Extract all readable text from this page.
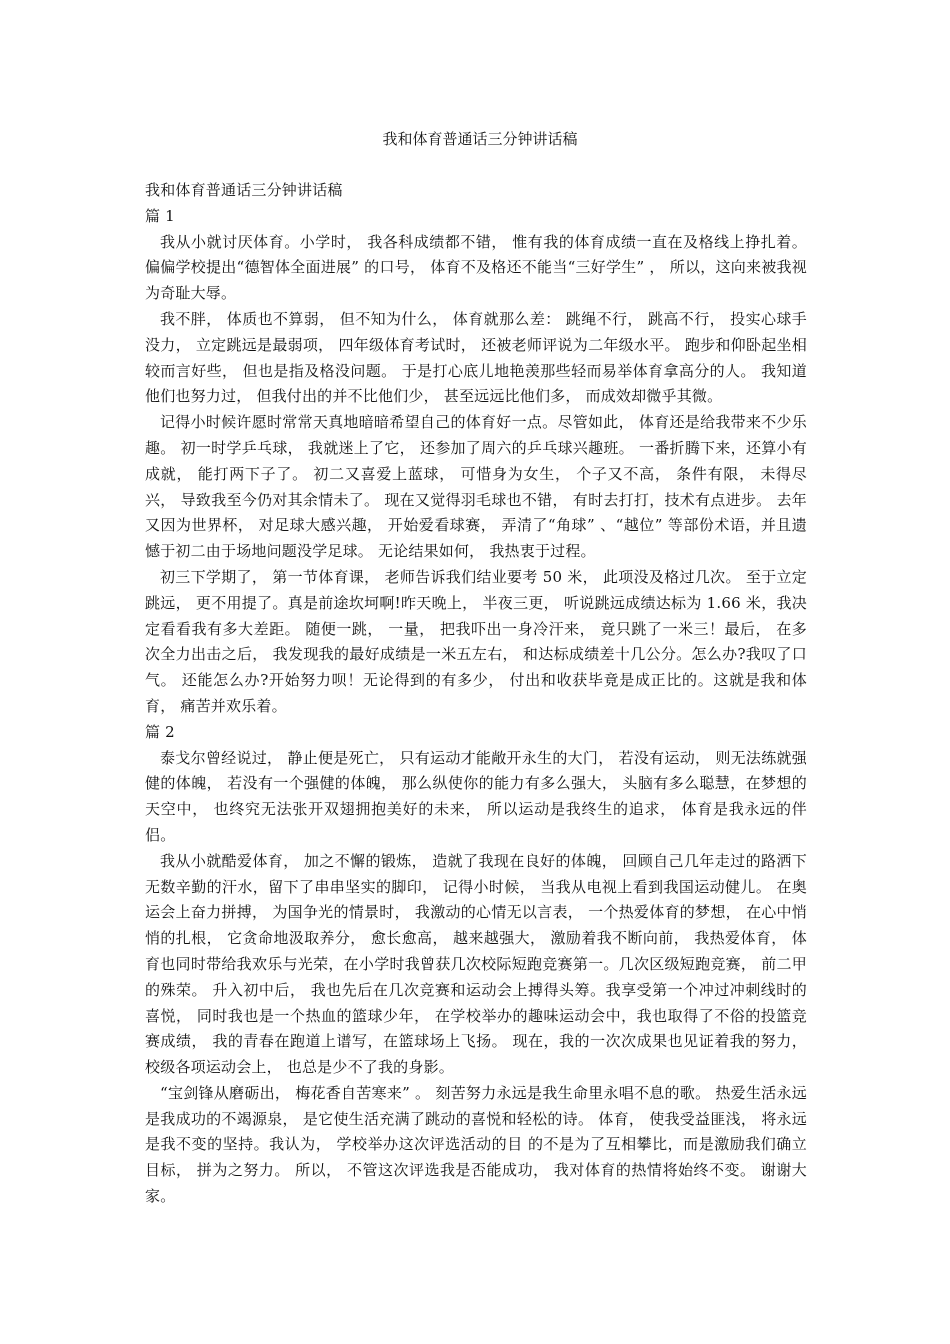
我和体育普通话三分钟讲话稿

我和体育普通话三分钟讲话稿

篇 1

我从小就讨厌体育。小学时， 我各科成绩都不错， 惟有我的体育成绩一直在及格线上挣扎着。 偏偏学校提出“德智体全面进展” 的口号， 体育不及格还不能当“三好学生” ， 所以，这向来被我视为奇耻大辱。

我不胖， 体质也不算弱， 但不知为什么， 体育就那么差： 跳绳不行， 跳高不行， 投实心球手没力， 立定跳远是最弱项， 四年级体育考试时， 还被老师评说为二年级水平。 跑步和仰卧起坐相较而言好些， 但也是指及格没问题。 于是打心底儿地艳羡那些轻而易举体育拿高分的人。 我知道他们也努力过， 但我付出的并不比他们少， 甚至远远比他们多， 而成效却微乎其微。

记得小时候许愿时常常天真地暗暗希望自己的体育好一点。尽管如此， 体育还是给我带来不少乐趣。 初一时学乒乓球， 我就迷上了它， 还参加了周六的乒乓球兴趣班。 一番折腾下来，还算小有成就， 能打两下子了。 初二又喜爱上蓝球， 可惜身为女生， 个子又不高， 条件有限， 未得尽兴， 导致我至今仍对其余情未了。 现在又觉得羽毛球也不错， 有时去打打，技术有点进步。 去年又因为世界杯， 对足球大感兴趣， 开始爱看球赛， 弄清了“角球” 、“越位” 等部份术语，并且遗憾于初二由于场地问题没学足球。 无论结果如何， 我热衷于过程。

初三下学期了， 第一节体育课， 老师告诉我们结业要考 50 米， 此项没及格过几次。 至于立定跳远， 更不用提了。真是前途坎坷啊!昨天晚上， 半夜三更， 听说跳远成绩达标为 1.66 米，我决定看看我有多大差距。 随便一跳， 一量， 把我吓出一身冷汗来， 竟只跳了一米三！最后， 在多次全力出击之后， 我发现我的最好成绩是一米五左右， 和达标成绩差十几公分。怎么办?我叹了口气。 还能怎么办?开始努力呗！无论得到的有多少， 付出和收获毕竟是成正比的。这就是我和体育， 痛苦并欢乐着。

篇 2

泰戈尔曾经说过， 静止便是死亡， 只有运动才能敞开永生的大门， 若没有运动， 则无法练就强健的体魄， 若没有一个强健的体魄， 那么纵使你的能力有多么强大， 头脑有多么聪慧，在梦想的天空中， 也终究无法张开双翅拥抱美好的未来， 所以运动是我终生的追求， 体育是我永远的伴侣。

我从小就酷爱体育， 加之不懈的锻炼， 造就了我现在良好的体魄， 回顾自己几年走过的路洒下无数辛勤的汗水，留下了串串坚实的脚印， 记得小时候， 当我从电视上看到我国运动健儿。 在奥运会上奋力拼搏， 为国争光的情景时， 我激动的心情无以言表， 一个热爱体育的梦想， 在心中悄悄的扎根， 它贪命地汲取养分， 愈长愈高， 越来越强大， 激励着我不断向前， 我热爱体育， 体育也同时带给我欢乐与光荣，在小学时我曾获几次校际短跑竞赛第一。几次区级短跑竞赛， 前二甲的殊荣。 升入初中后， 我也先后在几次竞赛和运动会上搏得头筹。我享受第一个冲过冲刺线时的喜悦， 同时我也是一个热血的篮球少年， 在学校举办的趣味运动会中，我也取得了不俗的投篮竞赛成绩， 我的青春在跑道上谱写，在篮球场上飞扬。 现在，我的一次次成果也见证着我的努力，校级各项运动会上， 也总是少不了我的身影。

“宝剑锋从磨砺出， 梅花香自苦寒来” 。 刻苦努力永远是我生命里永唱不息的歌。 热爱生活永远是我成功的不竭源泉， 是它使生活充满了跳动的喜悦和轻松的诗。 体育， 使我受益匪浅， 将永远是我不变的坚持。我认为， 学校举办这次评选活动的目 的不是为了互相攀比，而是激励我们确立目标， 拼为之努力。 所以， 不管这次评选我是否能成功， 我对体育的热情将始终不变。 谢谢大家。
